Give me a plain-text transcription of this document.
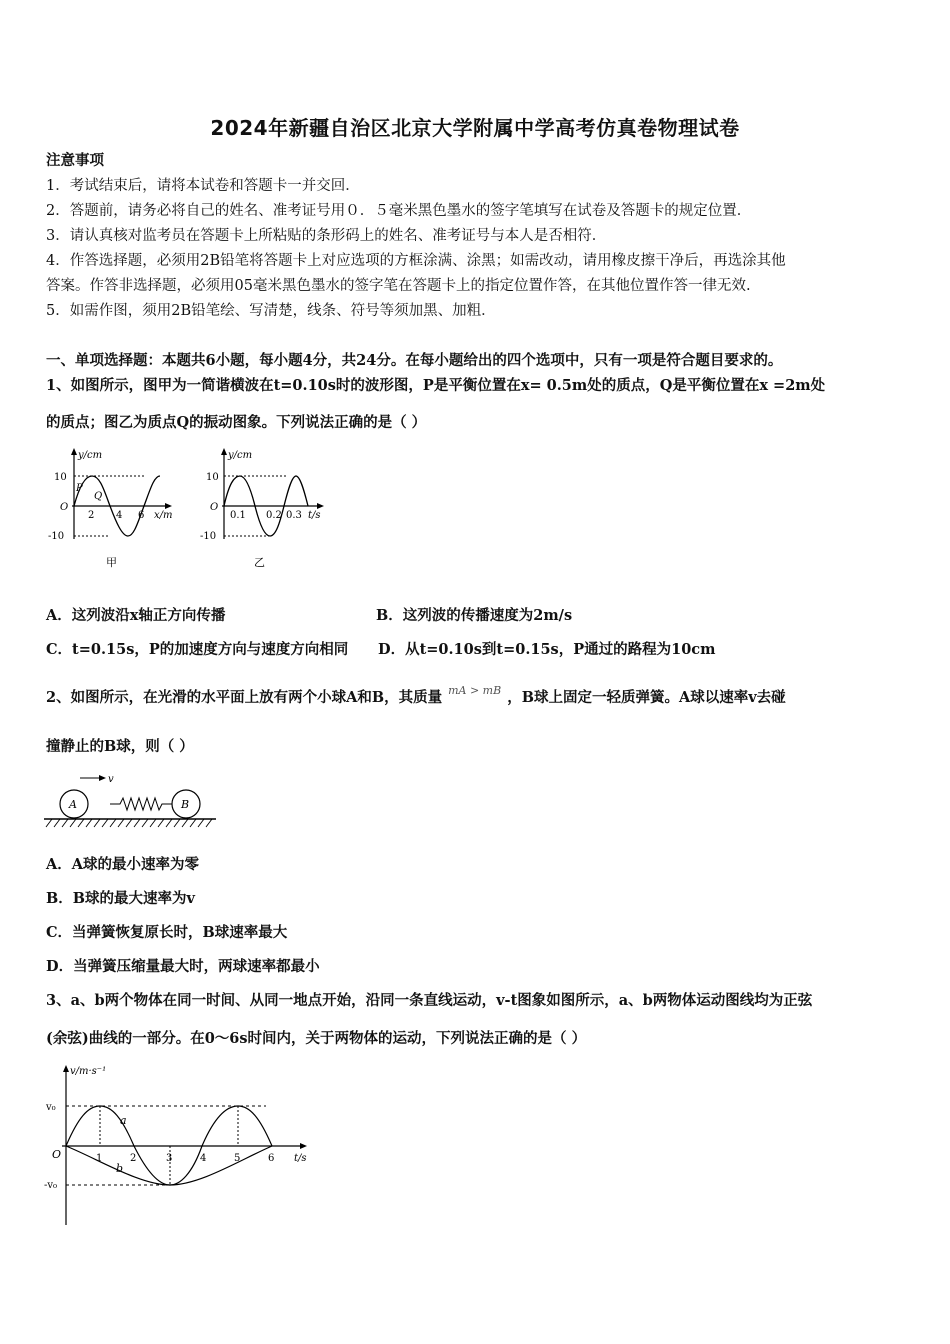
2024年新疆自治区北京大学附属中学高考仿真卷物理试卷
注意事项
1．考试结束后，请将本试卷和答题卡一并交回．
2．答题前，请务必将自己的姓名、准考证号用０．５毫米黑色墨水的签字笔填写在试卷及答题卡的规定位置．
3．请认真核对监考员在答题卡上所粘贴的条形码上的姓名、准考证号与本人是否相符．
4．作答选择题，必须用2B铅笔将答题卡上对应选项的方框涂满、涂黑；如需改动，请用橡皮擦干净后，再选涂其他
答案。作答非选择题，必须用05毫米黑色墨水的签字笔在答题卡上的指定位置作答，在其他位置作答一律无效.
5．如需作图，须用2B铅笔绘、写清楚，线条、符号等须加黑、加粗．
一、单项选择题：本题共6小题，每小题4分，共24分。在每小题给出的四个选项中，只有一项是符合题目要求的。
1、如图所示，图甲为一简谐横波在t=0.10s时的波形图，P是平衡位置在x= 0.5m处的质点，Q是平衡位置在x =2m处
的质点；图乙为质点Q的振动图象。下列说法正确的是（ ）
y/cm
10
-10
O
P
Q
2 4 6 x/m
甲
y/cm
10
-10
O
0.1 0.2 0.3 t/s
乙
A．这列波沿x轴正方向传播	B．这列波的传播速度为2m/s
C．t=0.15s，P的加速度方向与速度方向相同 D．从t=0.10s到t=0.15s，P通过的路程为10cm
2、如图所示，在光滑的水平面上放有两个小球A和B，其质量 $^{mA > mB}$ ，B球上固定一轻质弹簧。A球以速率v去碰
撞静止的B球，则（ ）
v
A	B
A．A球的最小速率为零
B．B球的最大速率为v
C．当弹簧恢复原长时，B球速率最大
D．当弹簧压缩量最大时，两球速率都最小
3、a、b两个物体在同一时间、从同一地点开始，沿同一条直线运动，v-t图象如图所示，a、b两物体运动图线均为正弦
(余弦)曲线的一部分。在0～6s时间内，关于两物体的运动，下列说法正确的是（ ）
v/m·s⁻¹
v₀
-v₀
O
a
b
1	2	3	4	5	6 t/s
